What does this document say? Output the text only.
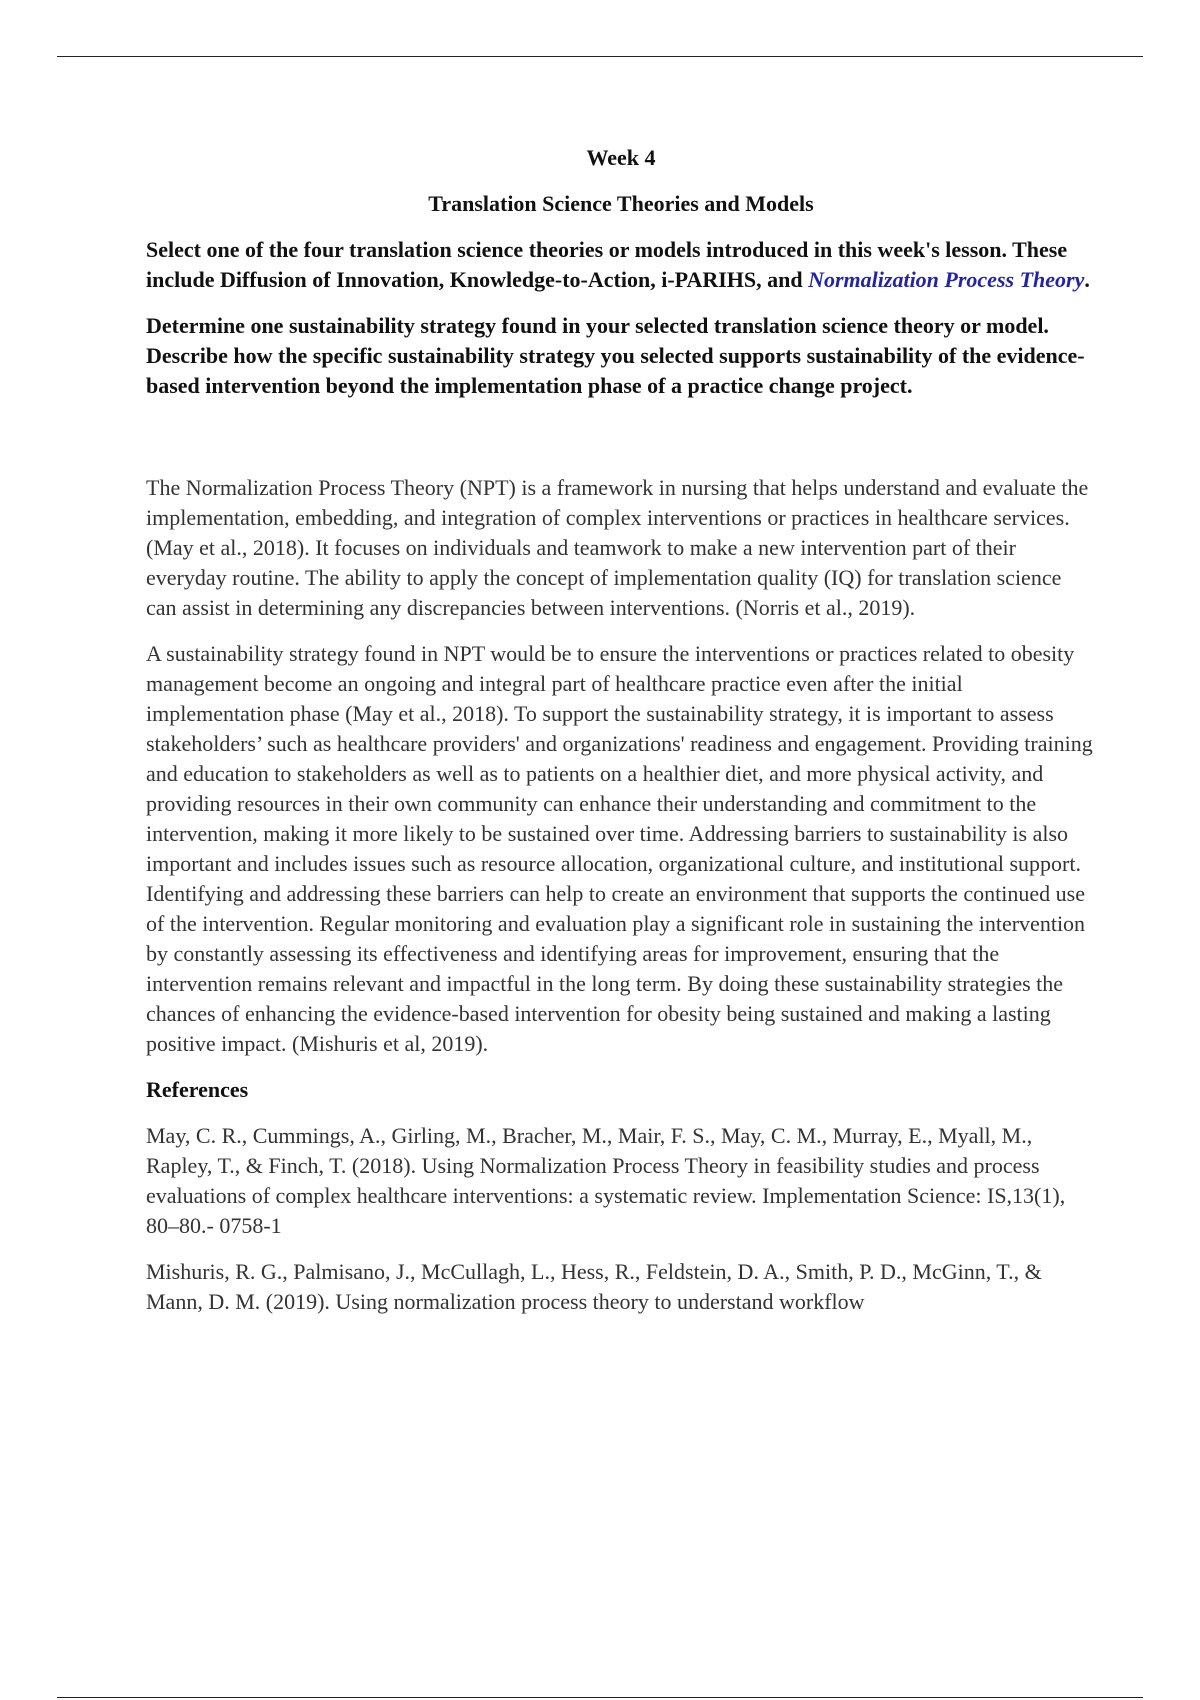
Week 4
Translation Science Theories and Models

Select one of the four translation science theories or models introduced in this week's lesson. These include Diffusion of Innovation, Knowledge-to-Action, i-PARIHS, and Normalization Process Theory.

Determine one sustainability strategy found in your selected translation science theory or model. Describe how the specific sustainability strategy you selected supports sustainability of the evidence-based intervention beyond the implementation phase of a practice change project.

The Normalization Process Theory (NPT) is a framework in nursing that helps understand and evaluate the implementation, embedding, and integration of complex interventions or practices in healthcare services. (May et al., 2018). It focuses on individuals and teamwork to make a new intervention part of their everyday routine. The ability to apply the concept of implementation quality (IQ) for translation science can assist in determining any discrepancies between interventions. (Norris et al., 2019).

A sustainability strategy found in NPT would be to ensure the interventions or practices related to obesity management become an ongoing and integral part of healthcare practice even after the initial implementation phase (May et al., 2018). To support the sustainability strategy, it is important to assess stakeholders’ such as healthcare providers' and organizations' readiness and engagement. Providing training and education to stakeholders as well as to patients on a healthier diet, and more physical activity, and providing resources in their own community can enhance their understanding and commitment to the intervention, making it more likely to be sustained over time. Addressing barriers to sustainability is also important and includes issues such as resource allocation, organizational culture, and institutional support. Identifying and addressing these barriers can help to create an environment that supports the continued use of the intervention. Regular monitoring and evaluation play a significant role in sustaining the intervention by constantly assessing its effectiveness and identifying areas for improvement, ensuring that the intervention remains relevant and impactful in the long term. By doing these sustainability strategies the chances of enhancing the evidence-based intervention for obesity being sustained and making a lasting positive impact. (Mishuris et al, 2019).

References

May, C. R., Cummings, A., Girling, M., Bracher, M., Mair, F. S., May, C. M., Murray, E., Myall, M., Rapley, T., & Finch, T. (2018). Using Normalization Process Theory in feasibility studies and process evaluations of complex healthcare interventions: a systematic review. Implementation Science: IS,13(1), 80–80.- 0758-1

Mishuris, R. G., Palmisano, J., McCullagh, L., Hess, R., Feldstein, D. A., Smith, P. D., McGinn, T., & Mann, D. M. (2019). Using normalization process theory to understand workflow
